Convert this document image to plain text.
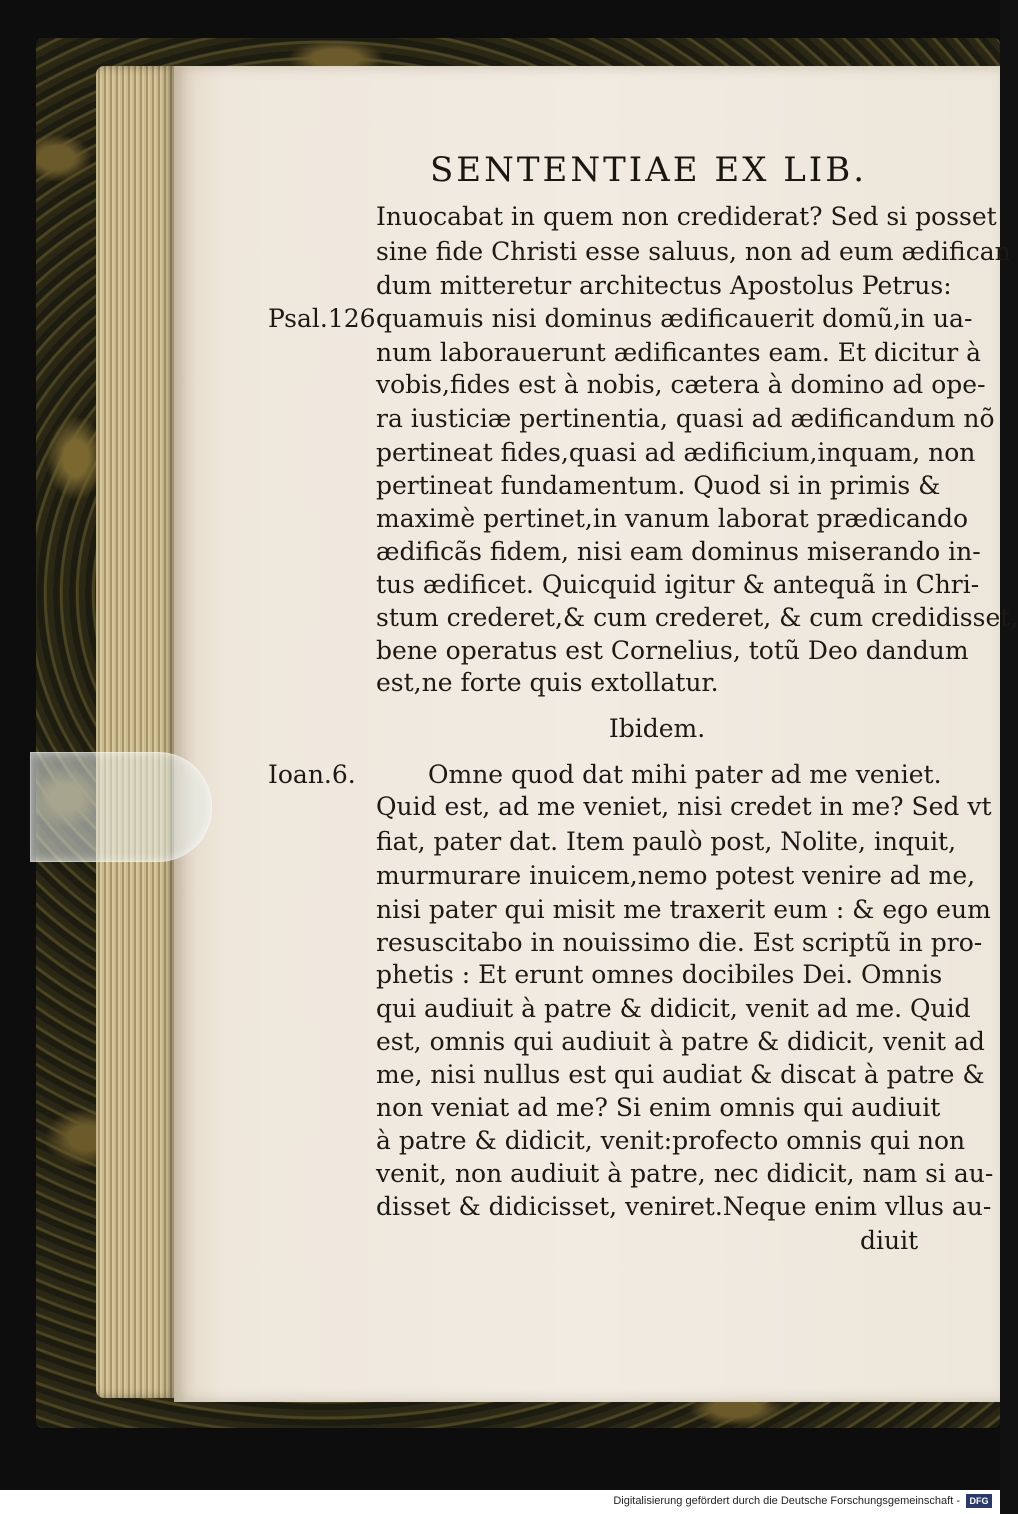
SENTENTIAE EX LIB.
Psal.126
Inuocabat in quem non crediderat? Sed si posset
sine fide Christi esse saluus, non ad eum ædifican
dum mitteretur architectus Apostolus Petrus:
quamuis nisi dominus ædificauerit domũ,in ua-
num laborauerunt ædificantes eam. Et dicitur à
vobis,fides est à nobis, cætera à domino ad ope-
ra iusticiæ pertinentia, quasi ad ædificandum nõ
pertineat fides,quasi ad ædificium,inquam, non
pertineat fundamentum. Quod si in primis &
maximè pertinet,in vanum laborat prædicando
ædificãs fidem, nisi eam dominus miserando in-
tus ædificet. Quicquid igitur & antequã in Chri-
stum crederet,& cum crederet, & cum credidisset,
bene operatus est Cornelius, totũ Deo dandum
est,ne forte quis extollatur.
Ibidem.
Ioan.6.	Omne quod dat mihi pater ad me veniet.
Quid est, ad me veniet, nisi credet in me? Sed vt
fiat, pater dat. Item paulò post, Nolite, inquit,
murmurare inuicem,nemo potest venire ad me,
nisi pater qui misit me traxerit eum : & ego eum
resuscitabo in nouissimo die. Est scriptũ in pro-
phetis : Et erunt omnes docibiles Dei. Omnis
qui audiuit à patre & didicit, venit ad me. Quid
est, omnis qui audiuit à patre & didicit, venit ad
me, nisi nullus est qui audiat & discat à patre &
non veniat ad me? Si enim omnis qui audiuit
à patre & didicit, venit:profecto omnis qui non
venit, non audiuit à patre, nec didicit, nam si au-
disset & didicisset, veniret.Neque enim vllus au-
diuit
Digitalisierung gefördert durch die Deutsche Forschungsgemeinschaft -	DFG
